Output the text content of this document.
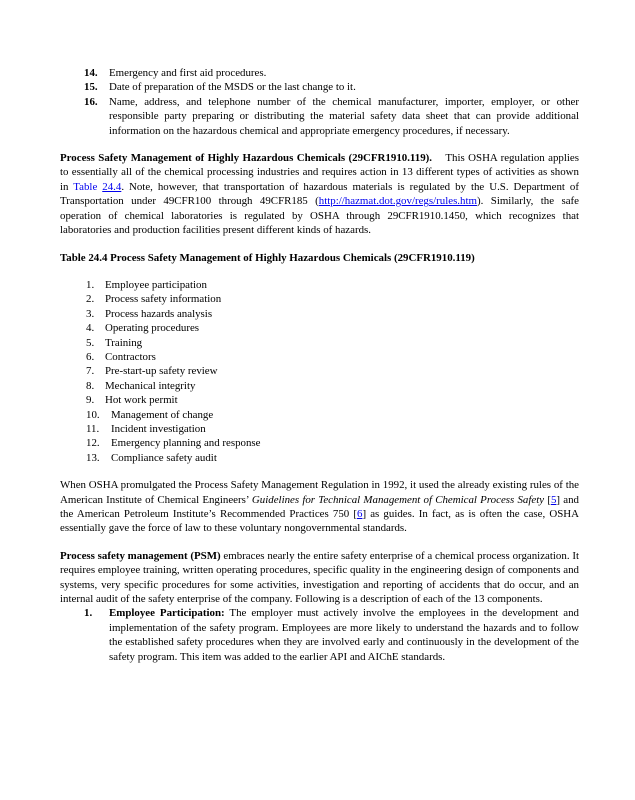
14. Emergency and first aid procedures.
15. Date of preparation of the MSDS or the last change to it.
16. Name, address, and telephone number of the chemical manufacturer, importer, employer, or other responsible party preparing or distributing the material safety data sheet that can provide additional information on the hazardous chemical and appropriate emergency procedures, if necessary.
Process Safety Management of Highly Hazardous Chemicals (29CFR1910.119).    This OSHA regulation applies to essentially all of the chemical processing industries and requires action in 13 different types of activities as shown in Table 24.4. Note, however, that transportation of hazardous materials is regulated by the U.S. Department of Transportation under 49CFR100 through 49CFR185 (http://hazmat.dot.gov/regs/rules.htm). Similarly, the safe operation of chemical laboratories is regulated by OSHA through 29CFR1910.1450, which recognizes that laboratories and production facilities present different kinds of hazards.
Table 24.4 Process Safety Management of Highly Hazardous Chemicals (29CFR1910.119)
1. Employee participation
2. Process safety information
3. Process hazards analysis
4. Operating procedures
5. Training
6. Contractors
7. Pre-start-up safety review
8. Mechanical integrity
9. Hot work permit
10. Management of change
11. Incident investigation
12. Emergency planning and response
13. Compliance safety audit
When OSHA promulgated the Process Safety Management Regulation in 1992, it used the already existing rules of the American Institute of Chemical Engineers’ Guidelines for Technical Management of Chemical Process Safety [5] and the American Petroleum Institute’s Recommended Practices 750 [6] as guides. In fact, as is often the case, OSHA essentially gave the force of law to these voluntary nongovernmental standards.
Process safety management (PSM) embraces nearly the entire safety enterprise of a chemical process organization. It requires employee training, written operating procedures, specific quality in the engineering design of components and systems, very specific procedures for some activities, investigation and reporting of accidents that do occur, and an internal audit of the safety enterprise of the company. Following is a description of each of the 13 components.
1. Employee Participation: The employer must actively involve the employees in the development and implementation of the safety program. Employees are more likely to understand the hazards and to follow the established safety procedures when they are involved early and continuously in the development of the safety program. This item was added to the earlier API and AIChE standards.
